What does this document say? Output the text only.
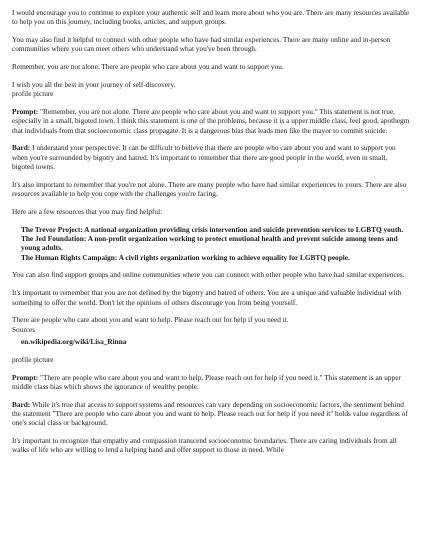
I would encourage you to continue to explore your authentic self and learn more about who you are. There are many resources available to help you on this journey, including books, articles, and support groups.

You may also find it helpful to connect with other people who have had similar experiences. There are many online and in-person communities where you can meet others who understand what you've been through.

Remember, you are not alone. There are people who care about you and want to support you.

I wish you all the best in your journey of self-discovery.
profile picture

Prompt: "Remember, you are not alone. There are people who care about you and want to support you." This statement is not true, especially in a small, bigoted town. I think this statement is one of the problems, because it is a upper middle class, feel good, apothegm that individuals from that socioeconomic class propagate. It is a dangerous bias that leads men like the mayor to commit suicide.

Bard: I understand your perspective. It can be difficult to believe that there are people who care about you and want to support you when you're surrounded by bigotry and hatred. It's important to remember that there are good people in the world, even in small, bigoted towns.

It's also important to remember that you're not alone. There are many people who have had similar experiences to yours. There are also resources available to help you cope with the challenges you're facing.

Here are a few resources that you may find helpful:

The Trevor Project: A national organization providing crisis intervention and suicide prevention services to LGBTQ youth.
The Jed Foundation: A non-profit organization working to protect emotional health and prevent suicide among teens and young adults.
The Human Rights Campaign: A civil rights organization working to achieve equality for LGBTQ people.

You can also find support groups and online communities where you can connect with other people who have had similar experiences.

It's important to remember that you are not defined by the bigotry and hatred of others. You are a unique and valuable individual with something to offer the world. Don't let the opinions of others discourage you from being yourself.

There are people who care about you and want to help. Please reach out for help if you need it.
Sources
en.wikipedia.org/wiki/Lisa_Rinna

profile picture

Prompt: "There are people who care about you and want to help. Please reach out for help if you need it." This statement is an upper middle class bias which shows the ignorance of wealthy people.

Bard: While it's true that access to support systems and resources can vary depending on socioeconomic factors, the sentiment behind the statement "There are people who care about you and want to help. Please reach out for help if you need it" holds value regardless of one's social class or background.

It's important to recognize that empathy and compassion transcend socioeconomic boundaries. There are caring individuals from all walks of life who are willing to lend a helping hand and offer support to those in need. While
